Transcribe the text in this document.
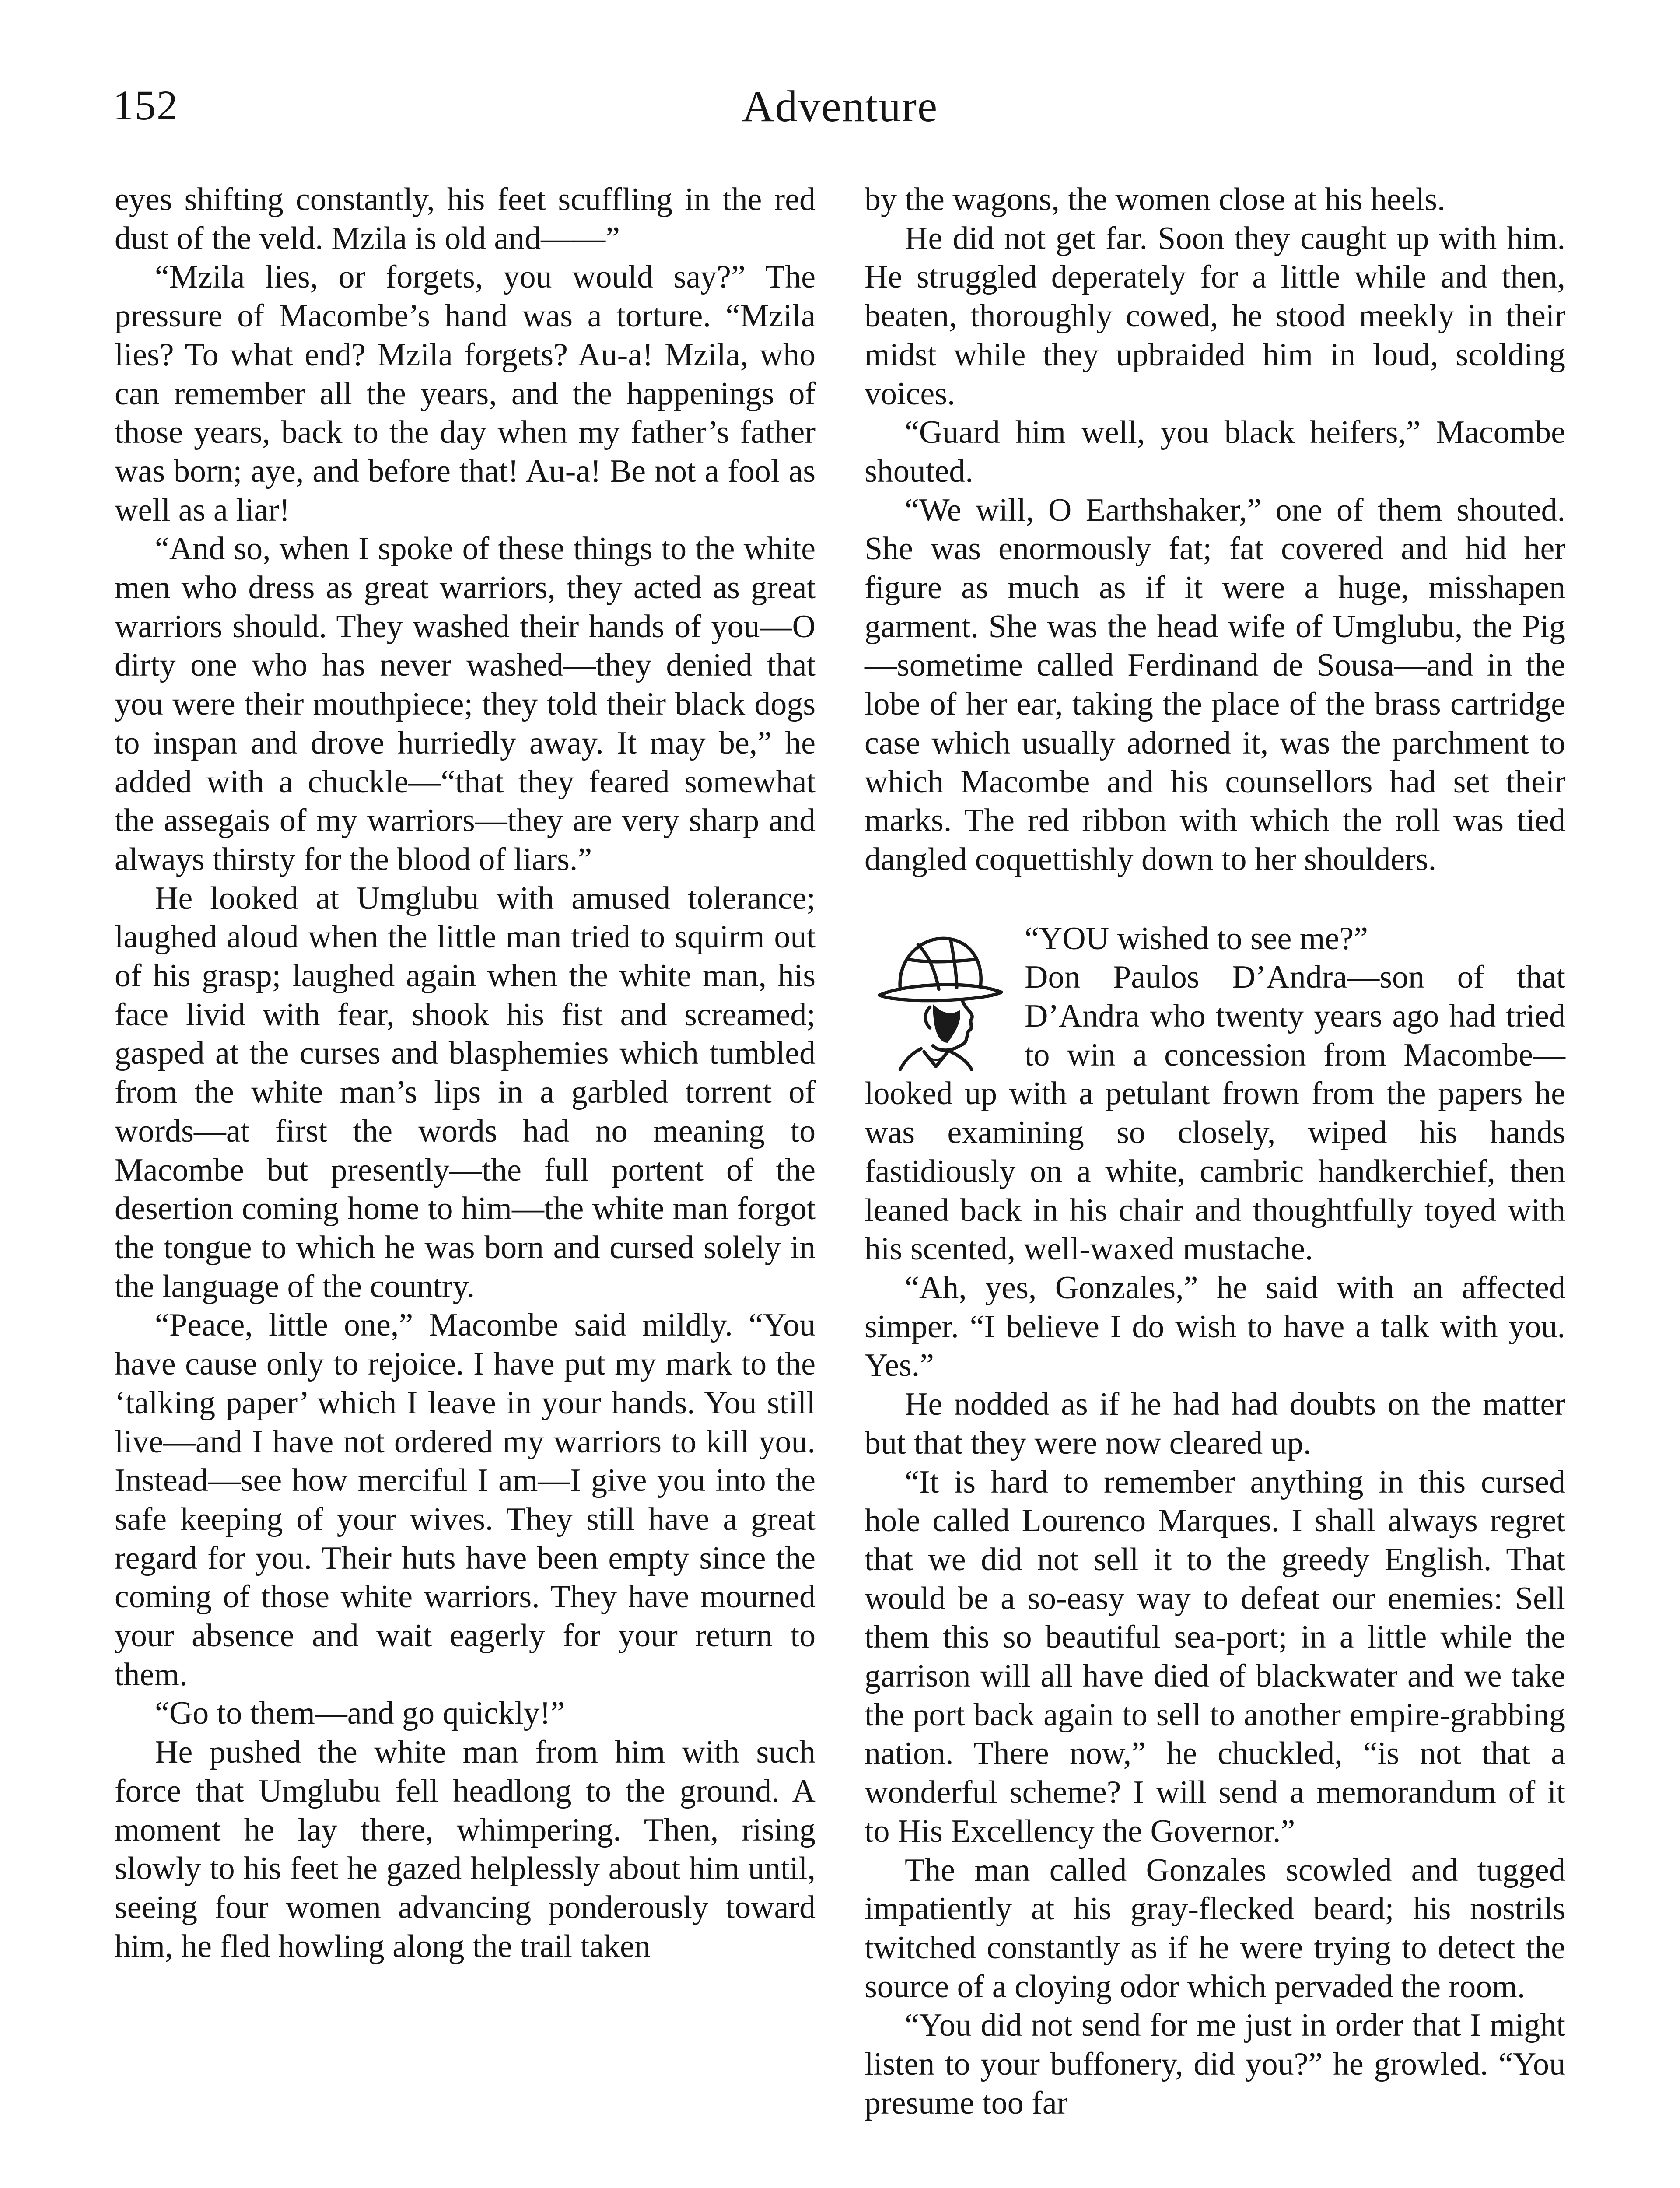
152	Adventure

eyes shifting constantly, his feet scuffling in the red dust of the veld. Mzila is old and——”

“Mzila lies, or forgets, you would say?” The pressure of Macombe’s hand was a torture. “Mzila lies? To what end? Mzila forgets? Au-a! Mzila, who can remember all the years, and the happenings of those years, back to the day when my father’s father was born; aye, and before that! Au-a! Be not a fool as well as a liar!

“And so, when I spoke of these things to the white men who dress as great warriors, they acted as great warriors should. They washed their hands of you—O dirty one who has never washed—they denied that you were their mouthpiece; they told their black dogs to inspan and drove hurriedly away. It may be,” he added with a chuckle—“that they feared somewhat the assegais of my warriors—they are very sharp and always thirsty for the blood of liars.”

He looked at Umglubu with amused tolerance; laughed aloud when the little man tried to squirm out of his grasp; laughed again when the white man, his face livid with fear, shook his fist and screamed; gasped at the curses and blasphemies which tumbled from the white man’s lips in a garbled torrent of words—at first the words had no meaning to Macombe but presently—the full portent of the desertion coming home to him—the white man forgot the tongue to which he was born and cursed solely in the language of the country.

“Peace, little one,” Macombe said mildly. “You have cause only to rejoice. I have put my mark to the ‘talking paper’ which I leave in your hands. You still live—and I have not ordered my warriors to kill you. Instead—see how merciful I am—I give you into the safe keeping of your wives. They still have a great regard for you. Their huts have been empty since the coming of those white warriors. They have mourned your absence and wait eagerly for your return to them.

“Go to them—and go quickly!”

He pushed the white man from him with such force that Umglubu fell headlong to the ground. A moment he lay there, whimpering. Then, rising slowly to his feet he gazed helplessly about him until, seeing four women advancing ponderously toward him, he fled howling along the trail taken

by the wagons, the women close at his heels.

He did not get far. Soon they caught up with him. He struggled deperately for a little while and then, beaten, thoroughly cowed, he stood meekly in their midst while they upbraided him in loud, scolding voices.

“Guard him well, you black heifers,” Macombe shouted.

“We will, O Earthshaker,” one of them shouted. She was enormously fat; fat covered and hid her figure as much as if it were a huge, misshapen garment. She was the head wife of Umglubu, the Pig—sometime called Ferdinand de Sousa—and in the lobe of her ear, taking the place of the brass cartridge case which usually adorned it, was the parchment to which Macombe and his counsellors had set their marks. The red ribbon with which the roll was tied dangled coquettishly down to her shoulders.

“YOU wished to see me?”

Don Paulos D’Andra—son of that D’Andra who twenty years ago had tried to win a concession from Macombe—looked up with a petulant frown from the papers he was examining so closely, wiped his hands fastidiously on a white, cambric handkerchief, then leaned back in his chair and thoughtfully toyed with his scented, well-waxed mustache.

“Ah, yes, Gonzales,” he said with an affected simper. “I believe I do wish to have a talk with you. Yes.”

He nodded as if he had had doubts on the matter but that they were now cleared up.

“It is hard to remember anything in this cursed hole called Lourenco Marques. I shall always regret that we did not sell it to the greedy English. That would be a so-easy way to defeat our enemies: Sell them this so beautiful sea-port; in a little while the garrison will all have died of blackwater and we take the port back again to sell to another empire-grabbing nation. There now,” he chuckled, “is not that a wonderful scheme? I will send a memorandum of it to His Excellency the Governor.”

The man called Gonzales scowled and tugged impatiently at his gray-flecked beard; his nostrils twitched constantly as if he were trying to detect the source of a cloying odor which pervaded the room.

“You did not send for me just in order that I might listen to your buffonery, did you?” he growled. “You presume too far
